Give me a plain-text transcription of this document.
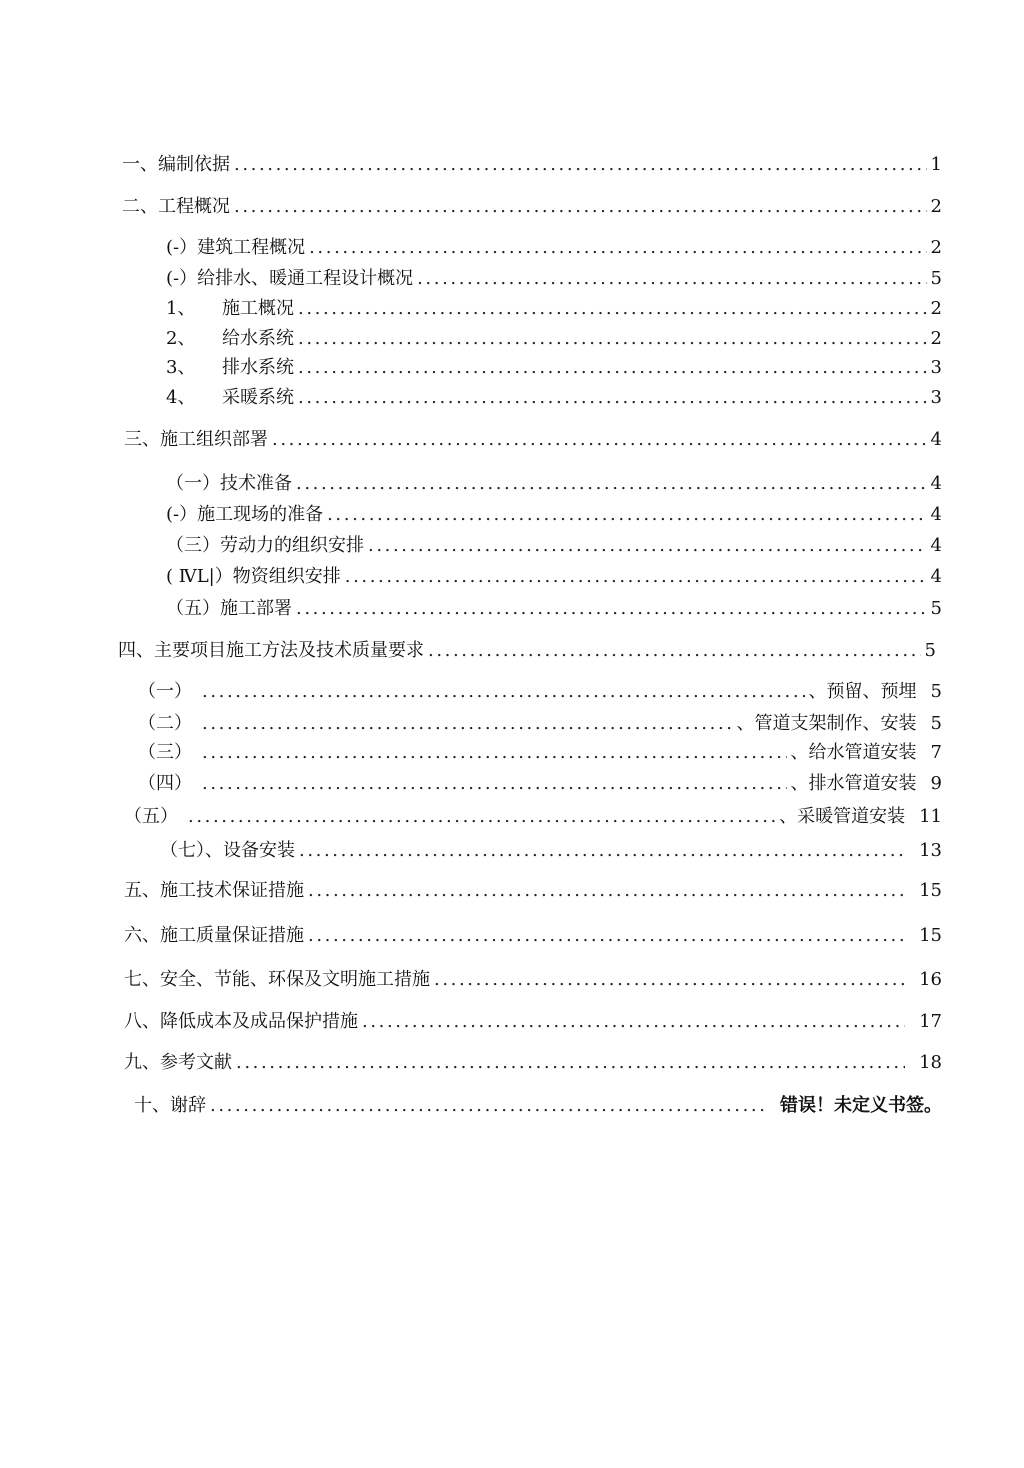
一、编制依据 .....	1
二、工程概况 .....	2
(-）建筑工程概况 .....	2
(-）给排水、暖通工程设计概况 .....	5
1、	施工概况 .....	2
2、	给水系统 .....	2
3、	排水系统 .....	3
4、	采暖系统 .....	3
三、施工组织部署 .....	4
（一）技术准备 .....	4
(-）施工现场的准备 .....	4
（三）劳动力的组织安排 .....	4
( ⅣL|）物资组织安排 .....	4
（五）施工部署 .....	5
四、主要项目施工方法及技术质量要求 .....	5
（一） .....	、预留、预埋 5
（二） .....	、管道支架制作、安装 5
（三） .....	、给水管道安装 7
（四） .....	、排水管道安装 9
（五） .....	、采暖管道安装 11
（七）、设备安装 .....	13
五、施工技术保证措施 .....	15
六、施工质量保证措施 .....	15
七、安全、节能、环保及文明施工措施 .....	16
八、降低成本及成品保护措施 .....	17
九、参考文献 .....	18
十、谢辞 .....	错误！未定义书签。
